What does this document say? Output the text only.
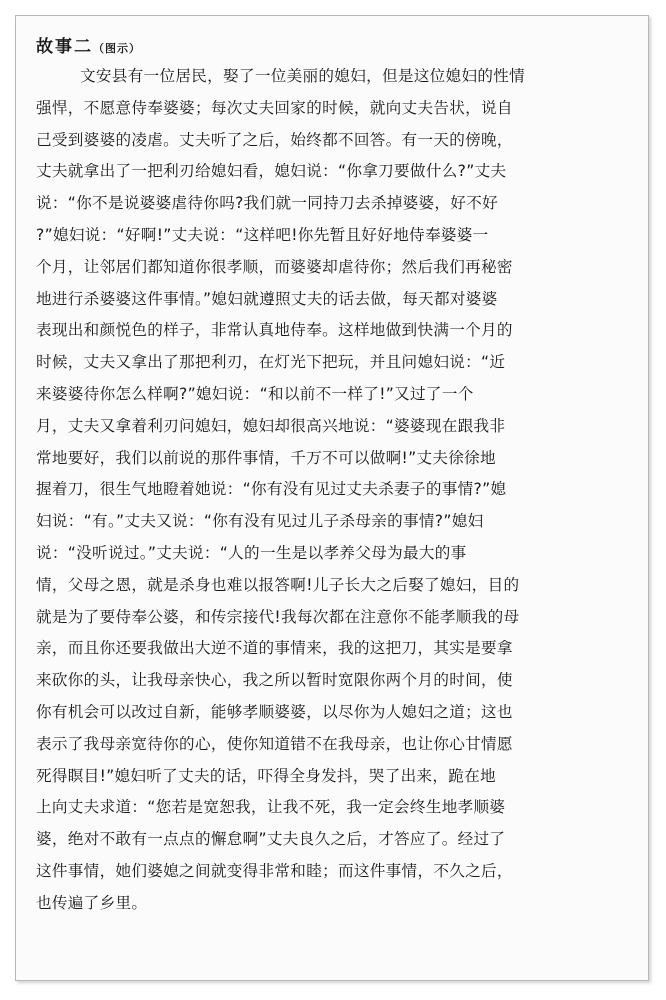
故事二（图示）
文安县有一位居民，娶了一位美丽的媳妇，但是这位媳妇的性情
强悍，不愿意侍奉婆婆；每次丈夫回家的时候，就向丈夫告状，说自
己受到婆婆的凌虐。丈夫听了之后，始终都不回答。有一天的傍晚，
丈夫就拿出了一把利刃给媳妇看，媳妇说：“你拿刀要做什么?”丈夫
说：“你不是说婆婆虐待你吗?我们就一同持刀去杀掉婆婆，好不好
?”媳妇说：“好啊!”丈夫说：“这样吧!你先暂且好好地侍奉婆婆一
个月，让邻居们都知道你很孝顺，而婆婆却虐待你；然后我们再秘密
地进行杀婆婆这件事情。”媳妇就遵照丈夫的话去做，每天都对婆婆
表现出和颜悦色的样子，非常认真地侍奉。这样地做到快满一个月的
时候，丈夫又拿出了那把利刃，在灯光下把玩，并且问媳妇说：“近
来婆婆待你怎么样啊?”媳妇说：“和以前不一样了!”又过了一个
月，丈夫又拿着利刃问媳妇，媳妇却很高兴地说：“婆婆现在跟我非
常地要好，我们以前说的那件事情，千万不可以做啊!”丈夫徐徐地
握着刀，很生气地瞪着她说：“你有没有见过丈夫杀妻子的事情?”媳
妇说：“有。”丈夫又说：“你有没有见过儿子杀母亲的事情?”媳妇
说：“没听说过。”丈夫说：“人的一生是以孝养父母为最大的事
情，父母之恩，就是杀身也难以报答啊!儿子长大之后娶了媳妇，目的
就是为了要侍奉公婆，和传宗接代!我每次都在注意你不能孝顺我的母
亲，而且你还要我做出大逆不道的事情来，我的这把刀，其实是要拿
来砍你的头，让我母亲快心，我之所以暂时宽限你两个月的时间，使
你有机会可以改过自新，能够孝顺婆婆，以尽你为人媳妇之道；这也
表示了我母亲宽待你的心，使你知道错不在我母亲，也让你心甘情愿
死得瞑目!”媳妇听了丈夫的话，吓得全身发抖，哭了出来，跪在地
上向丈夫求道：“您若是宽恕我，让我不死，我一定会终生地孝顺婆
婆，绝对不敢有一点点的懈怠啊”丈夫良久之后，才答应了。经过了
这件事情，她们婆媳之间就变得非常和睦；而这件事情，不久之后，
也传遍了乡里。
